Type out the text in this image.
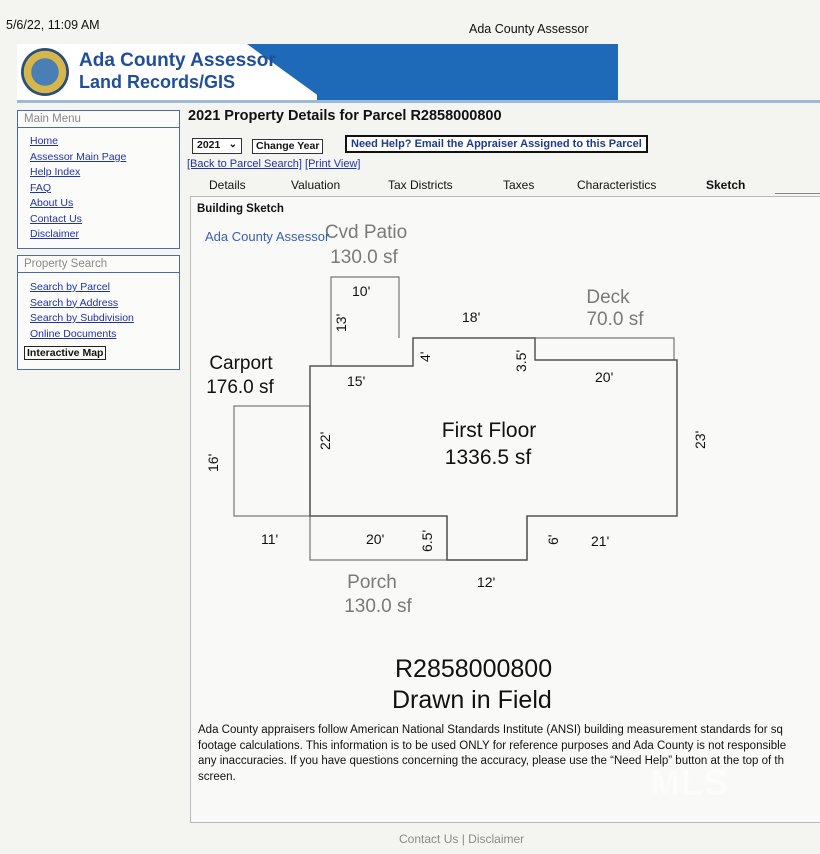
5/6/22, 11:09 AM	Ada County Assessor
Ada County Assessor
Land Records/GIS
Main Menu
Home
Assessor Main Page
Help Index
FAQ
About Us
Contact Us
Disclaimer
Property Search
Search by Parcel
Search by Address
Search by Subdivision
Online Documents
Interactive Map
2021 Property Details for Parcel R2858000800
2021 ⌄	Change Year	Need Help? Email the Appraiser Assigned to this Parcel
[Back to Parcel Search] [Print View]
Details	Valuation	Tax Districts	Taxes	Characteristics	Sketch
Building Sketch
Cvd Patio
130.0 sf
Deck
70.0 sf
Porch
130.0 sf
Carport
176.0 sf
First Floor
1336.5 sf
10'
13'	18'
4'	3.5'
15'	20'
22'	23'
16'
11'	20' 6.5'	6' 21'
12'
Ada County Assessor
R2858000800
Drawn in Field
Ada County appraisers follow American National Standards Institute (ANSI) building measurement standards for sq
footage calculations. This information is to be used ONLY for reference purposes and Ada County is not responsible
any inaccuracies. If you have questions concerning the accuracy, please use the “Need Help” button at the top of th
screen.	MLS
Contact Us | Disclaimer
